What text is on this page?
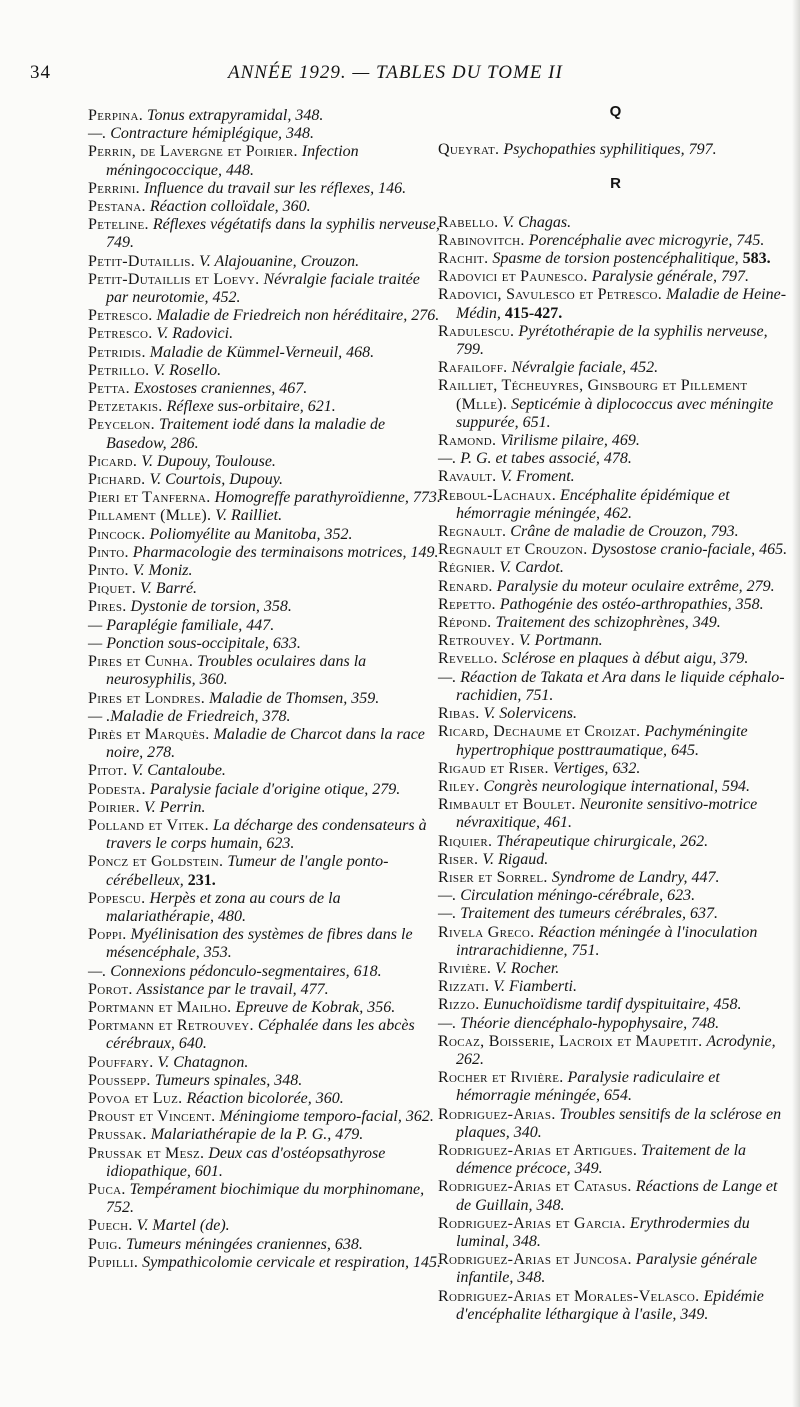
34	ANNÉE 1929. — TABLES DU TOME II
Perpina. Tonus extrapyramidal, 348.
—. Contracture hémiplégique, 348.
Perrin, de Lavergne et Poirier. Infection méningococcique, 448.
Perrini. Influence du travail sur les réflexes, 146.
Pestana. Réaction colloïdale, 360.
Peteline. Réflexes végétatifs dans la syphilis nerveuse, 749.
Petit-Dutaillis. V. Alajouanine, Crouzon.
Petit-Dutaillis et Loevy. Névralgie faciale traitée par neurotomie, 452.
Petresco. Maladie de Friedreich non héréditaire, 276.
Petresco. V. Radovici.
Petridis. Maladie de Kümmel-Verneuil, 468.
Petrillo. V. Rosello.
Petta. Exostoses craniennes, 467.
Petzetakis. Réflexe sus-orbitaire, 621.
Peycelon. Traitement iodé dans la maladie de Basedow, 286.
Picard. V. Dupouy, Toulouse.
Pichard. V. Courtois, Dupouy.
Pieri et Tanferna. Homogreffe parathyroïdienne, 773.
Pillament (Mlle). V. Railliet.
Pincock. Poliomyélite au Manitoba, 352.
Pinto. Pharmacologie des terminaisons motrices, 149.
Pinto. V. Moniz.
Piquet. V. Barré.
Pires. Dystonie de torsion, 358.
— Paraplégie familiale, 447.
— Ponction sous-occipitale, 633.
Pires et Cunha. Troubles oculaires dans la neurosyphilis, 360.
Pires et Londres. Maladie de Thomsen, 359.
— .Maladie de Friedreich, 378.
Pirès et Marquès. Maladie de Charcot dans la race noire, 278.
Pitot. V. Cantaloube.
Podesta. Paralysie faciale d'origine otique, 279.
Poirier. V. Perrin.
Polland et Vitek. La décharge des condensateurs à travers le corps humain, 623.
Poncz et Goldstein. Tumeur de l'angle ponto-cérébelleux, 231.
Popescu. Herpès et zona au cours de la malariathérapie, 480.
Poppi. Myélinisation des systèmes de fibres dans le mésencéphale, 353.
—. Connexions pédonculo-segmentaires, 618.
Porot. Assistance par le travail, 477.
Portmann et Mailho. Epreuve de Kobrak, 356.
Portmann et Retrouvey. Céphalée dans les abcès cérébraux, 640.
Pouffary. V. Chatagnon.
Poussepp. Tumeurs spinales, 348.
Povoa et Luz. Réaction bicolorée, 360.
Proust et Vincent. Méningiome temporo-facial, 362.
Prussak. Malariathérapie de la P. G., 479.
Prussak et Mesz. Deux cas d'ostéopsathyrose idiopathique, 601.
Puca. Tempérament biochimique du morphinomane, 752.
Puech. V. Martel (de).
Puig. Tumeurs méningées craniennes, 638.
Pupilli. Sympathicolomie cervicale et respiration, 145.
Q
Queyrat. Psychopathies syphilitiques, 797.
R
Rabello. V. Chagas.
Rabinovitch. Porencéphalie avec microgyrie, 745.
Rachit. Spasme de torsion postencéphalitique, 583.
Radovici et Paunesco. Paralysie générale, 797.
Radovici, Savulesco et Petresco. Maladie de Heine-Médin, 415-427.
Radulescu. Pyrétothérapie de la syphilis nerveuse, 799.
Rafailoff. Névralgie faciale, 452.
Railliet, Técheuyres, Ginsbourg et Pillement (Mlle). Septicémie à diplococcus avec méningite suppurée, 651.
Ramond. Virilisme pilaire, 469.
—. P. G. et tabes associé, 478.
Ravault. V. Froment.
Reboul-Lachaux. Encéphalite épidémique et hémorragie méningée, 462.
Regnault. Crâne de maladie de Crouzon, 793.
Regnault et Crouzon. Dysostose cranio-faciale, 465.
Régnier. V. Cardot.
Renard. Paralysie du moteur oculaire extrême, 279.
Repetto. Pathogénie des ostéo-arthropathies, 358.
Répond. Traitement des schizophrènes, 349.
Retrouvey. V. Portmann.
Revello. Sclérose en plaques à début aigu, 379.
—. Réaction de Takata et Ara dans le liquide céphalo-rachidien, 751.
Ribas. V. Solervicens.
Ricard, Dechaume et Croizat. Pachyméningite hypertrophique posttraumatique, 645.
Rigaud et Riser. Vertiges, 632.
Riley. Congrès neurologique international, 594.
Rimbault et Boulet. Neuronite sensitivo-motrice névraxitique, 461.
Riquier. Thérapeutique chirurgicale, 262.
Riser. V. Rigaud.
Riser et Sorrel. Syndrome de Landry, 447.
—. Circulation méningo-cérébrale, 623.
—. Traitement des tumeurs cérébrales, 637.
Rivela Greco. Réaction méningée à l'inoculation intrarachidienne, 751.
Rivière. V. Rocher.
Rizzati. V. Fiamberti.
Rizzo. Eunuchoïdisme tardif dyspituitaire, 458.
—. Théorie diencéphalo-hypophysaire, 748.
Rocaz, Boisserie, Lacroix et Maupetit. Acrodynie, 262.
Rocher et Rivière. Paralysie radiculaire et hémorragie méningée, 654.
Rodriguez-Arias. Troubles sensitifs de la sclérose en plaques, 340.
Rodriguez-Arias et Artigues. Traitement de la démence précoce, 349.
Rodriguez-Arias et Catasus. Réactions de Lange et de Guillain, 348.
Rodriguez-Arias et Garcia. Erythrodermies du luminal, 348.
Rodriguez-Arias et Juncosa. Paralysie générale infantile, 348.
Rodriguez-Arias et Morales-Velasco. Epidémie d'encéphalite léthargique à l'asile, 349.
